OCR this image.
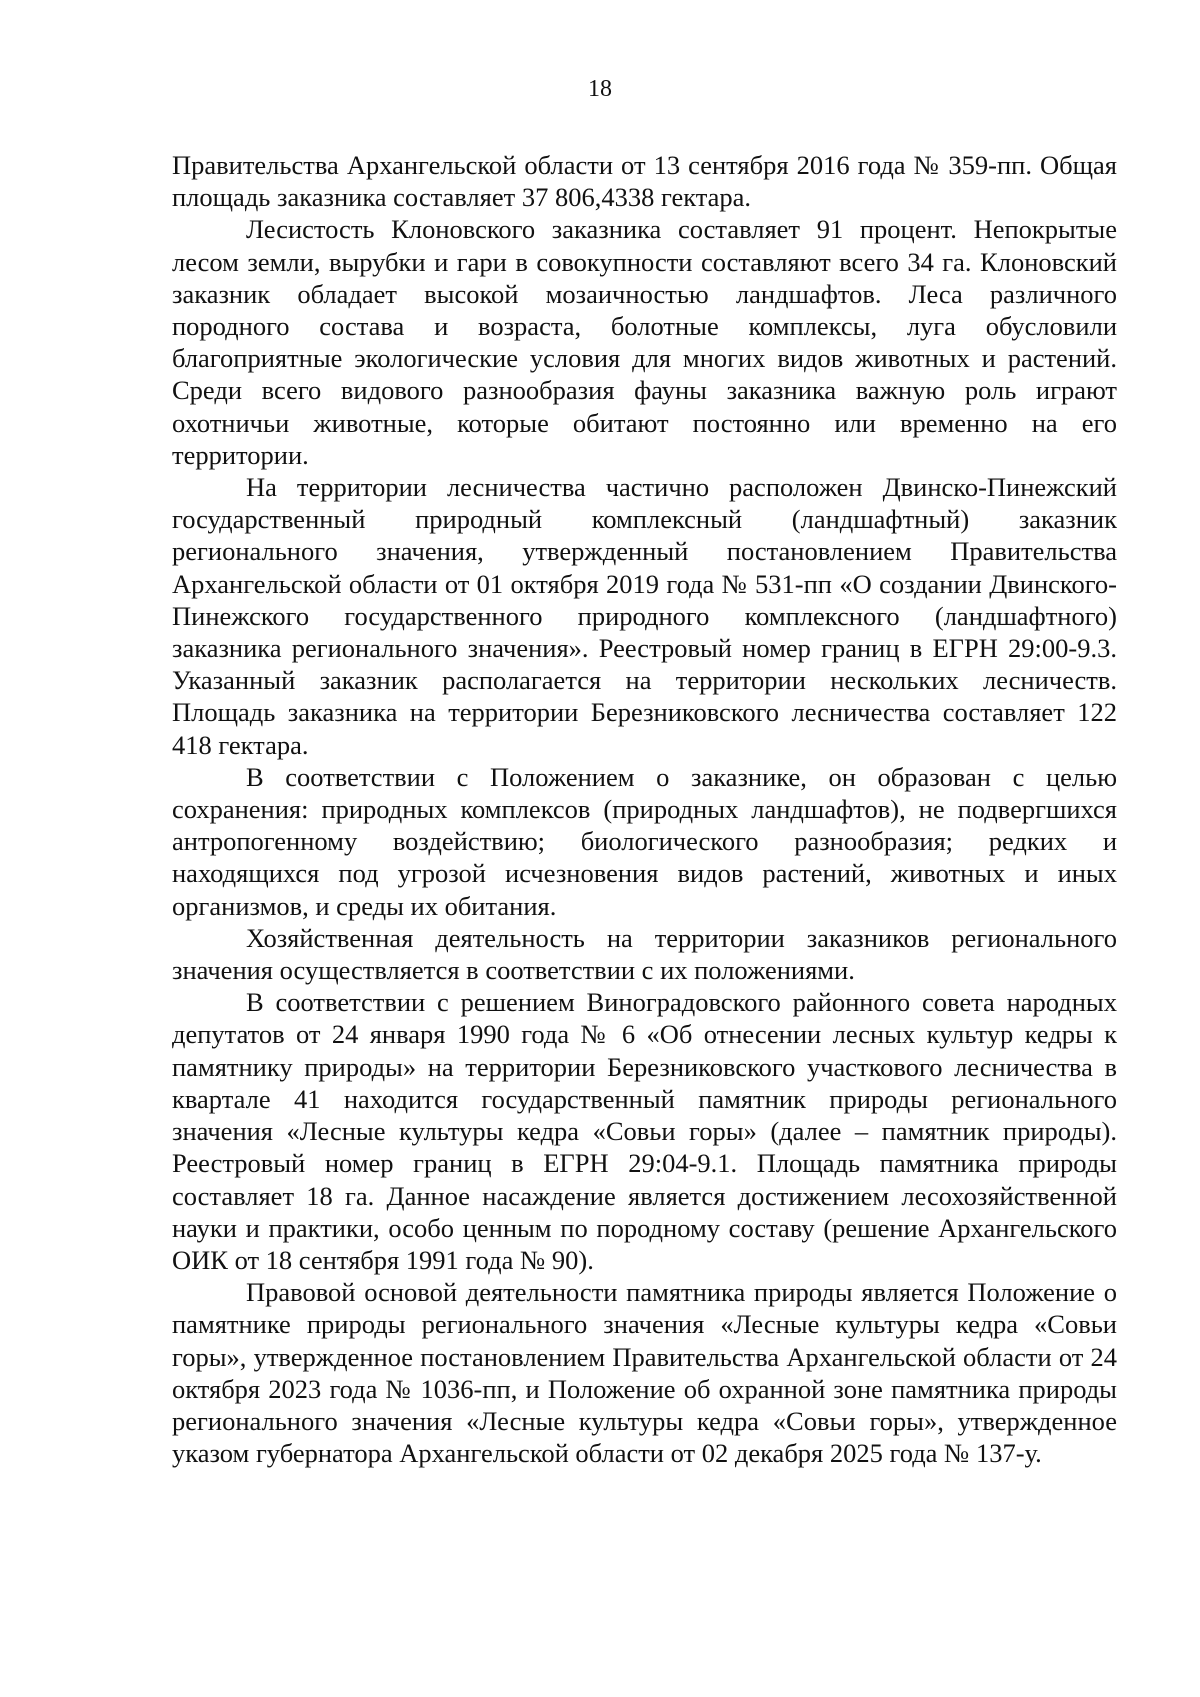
18

Правительства Архангельской области от 13 сентября 2016 года № 359-пп. Общая площадь заказника составляет 37 806,4338 гектара.

Лесистость Клоновского заказника составляет 91 процент. Непокрытые лесом земли, вырубки и гари в совокупности составляют всего 34 га. Клоновский заказник обладает высокой мозаичностью ландшафтов. Леса различного породного состава и возраста, болотные комплексы, луга обусловили благоприятные экологические условия для многих видов животных и растений. Среди всего видового разнообразия фауны заказника важную роль играют охотничьи животные, которые обитают постоянно или временно на его территории.

На территории лесничества частично расположен Двинско-Пинежский государственный природный комплексный (ландшафтный) заказник регионального значения, утвержденный постановлением Правительства Архангельской области от 01 октября 2019 года № 531-пп «О создании Двинского-Пинежского государственного природного комплексного (ландшафтного) заказника регионального значения». Реестровый номер границ в ЕГРН 29:00-9.3. Указанный заказник располагается на территории нескольких лесничеств. Площадь заказника на территории Березниковского лесничества составляет 122 418 гектара.

В соответствии с Положением о заказнике, он образован с целью сохранения: природных комплексов (природных ландшафтов), не подвергшихся антропогенному воздействию; биологического разнообразия; редких и находящихся под угрозой исчезновения видов растений, животных и иных организмов, и среды их обитания.

Хозяйственная деятельность на территории заказников регионального значения осуществляется в соответствии с их положениями.

В соответствии с решением Виноградовского районного совета народных депутатов от 24 января 1990 года № 6 «Об отнесении лесных культур кедры к памятнику природы» на территории Березниковского участкового лесничества в квартале 41 находится государственный памятник природы регионального значения «Лесные культуры кедра «Совьи горы» (далее – памятник природы). Реестровый номер границ в ЕГРН 29:04-9.1. Площадь памятника природы составляет 18 га. Данное насаждение является достижением лесохозяйственной науки и практики, особо ценным по породному составу (решение Архангельского ОИК от 18 сентября 1991 года № 90).

Правовой основой деятельности памятника природы является Положение о памятнике природы регионального значения «Лесные культуры кедра «Совьи горы», утвержденное постановлением Правительства Архангельской области от 24 октября 2023 года № 1036-пп, и Положение об охранной зоне памятника природы регионального значения «Лесные культуры кедра «Совьи горы», утвержденное указом губернатора Архангельской области от 02 декабря 2025 года № 137-у.
